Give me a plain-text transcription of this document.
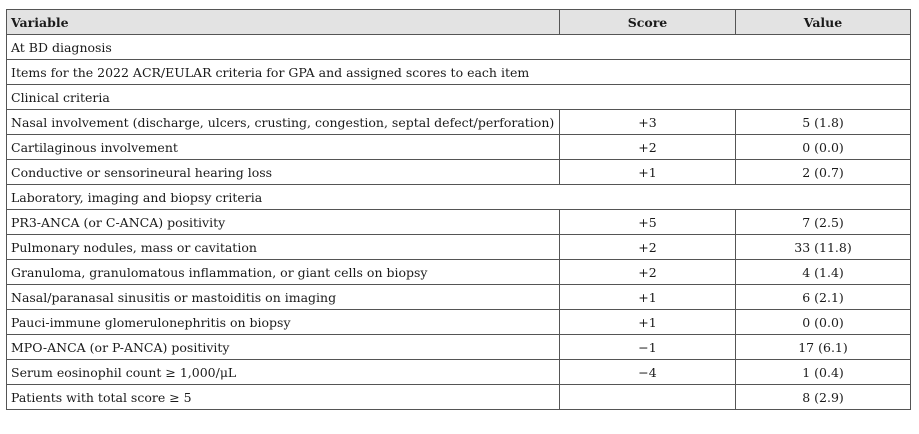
Variable	Score	Value
At BD diagnosis		
Items for the 2022 ACR/EULAR criteria for GPA and assigned scores to each item		
Clinical criteria		
Nasal involvement (discharge, ulcers, crusting, congestion, septal defect/perforation)	+3	5 (1.8)
Cartilaginous involvement	+2	0 (0.0)
Conductive or sensorineural hearing loss	+1	2 (0.7)
Laboratory, imaging and biopsy criteria		
PR3-ANCA (or C-ANCA) positivity	+5	7 (2.5)
Pulmonary nodules, mass or cavitation	+2	33 (11.8)
Granuloma, granulomatous inflammation, or giant cells on biopsy	+2	4 (1.4)
Nasal/paranasal sinusitis or mastoiditis on imaging	+1	6 (2.1)
Pauci-immune glomerulonephritis on biopsy	+1	0 (0.0)
MPO-ANCA (or P-ANCA) positivity	−1	17 (6.1)
Serum eosinophil count ≥ 1,000/μL	−4	1 (0.4)
Patients with total score ≥ 5		8 (2.9)
